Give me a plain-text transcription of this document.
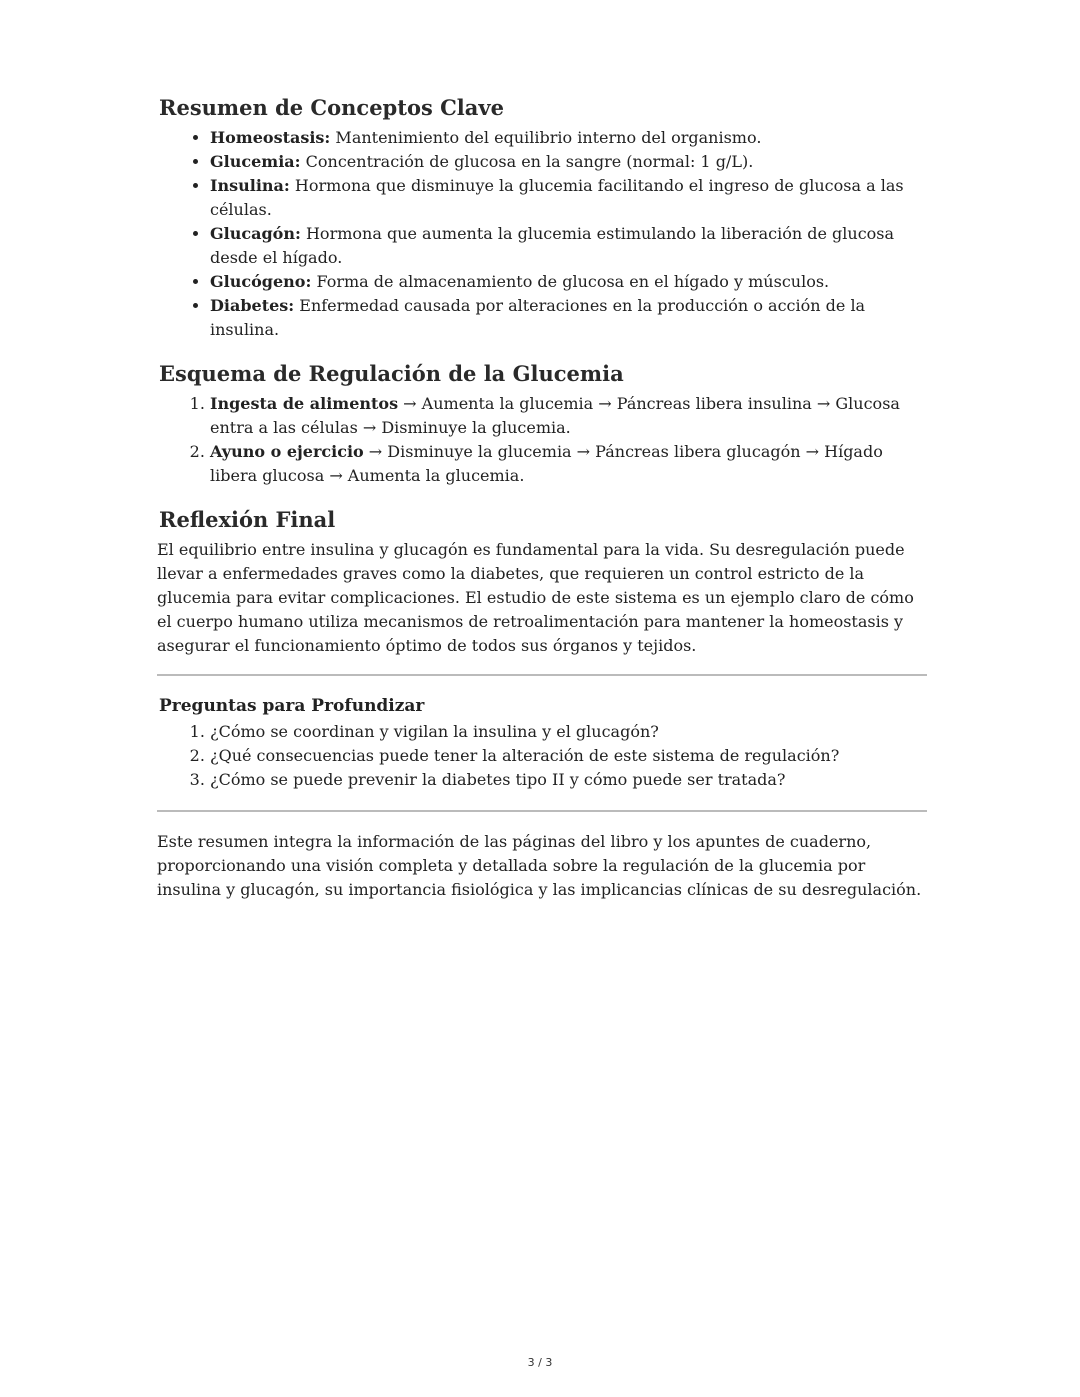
Resumen de Conceptos Clave
• Homeostasis: Mantenimiento del equilibrio interno del organismo.
• Glucemia: Concentración de glucosa en la sangre (normal: 1 g/L).
• Insulina: Hormona que disminuye la glucemia facilitando el ingreso de glucosa a las células.
• Glucagón: Hormona que aumenta la glucemia estimulando la liberación de glucosa desde el hígado.
• Glucógeno: Forma de almacenamiento de glucosa en el hígado y músculos.
• Diabetes: Enfermedad causada por alteraciones en la producción o acción de la insulina.
Esquema de Regulación de la Glucemia
1. Ingesta de alimentos → Aumenta la glucemia → Páncreas libera insulina → Glucosa entra a las células → Disminuye la glucemia.
2. Ayuno o ejercicio → Disminuye la glucemia → Páncreas libera glucagón → Hígado libera glucosa → Aumenta la glucemia.
Reflexión Final

El equilibrio entre insulina y glucagón es fundamental para la vida. Su desregulación puede llevar a enfermedades graves como la diabetes, que requieren un control estricto de la glucemia para evitar complicaciones. El estudio de este sistema es un ejemplo claro de cómo el cuerpo humano utiliza mecanismos de retroalimentación para mantener la homeostasis y asegurar el funcionamiento óptimo de todos sus órganos y tejidos.

Preguntas para Profundizar
1. ¿Cómo se coordinan y vigilan la insulina y el glucagón?
2. ¿Qué consecuencias puede tener la alteración de este sistema de regulación?
3. ¿Cómo se puede prevenir la diabetes tipo II y cómo puede ser tratada?

Este resumen integra la información de las páginas del libro y los apuntes de cuaderno, proporcionando una visión completa y detallada sobre la regulación de la glucemia por insulina y glucagón, su importancia fisiológica y las implicancias clínicas de su desregulación.

3 / 3
